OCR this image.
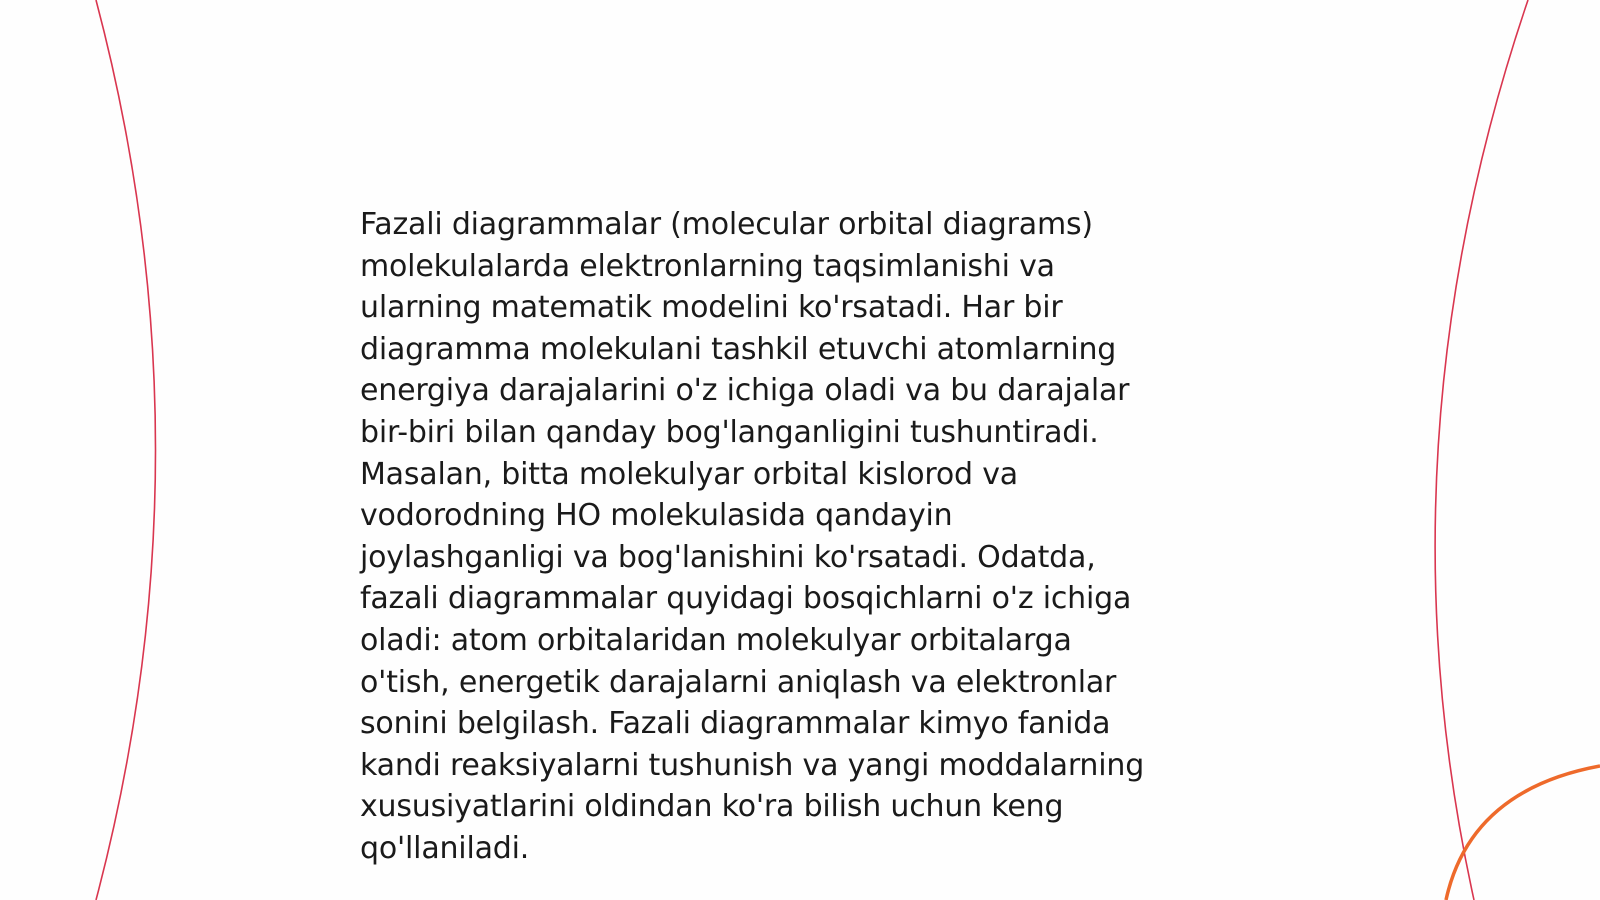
Fazali diagrammalar (molecular orbital diagrams)
molekulalarda elektronlarning taqsimlanishi va
ularning matematik modelini ko'rsatadi. Har bir
diagramma molekulani tashkil etuvchi atomlarning
energiya darajalarini o'z ichiga oladi va bu darajalar
bir-biri bilan qanday bog'langanligini tushuntiradi.
Masalan, bitta molekulyar orbital kislorod va
vodorodning HO molekulasida qandayin
joylashganligi va bog'lanishini ko'rsatadi. Odatda,
fazali diagrammalar quyidagi bosqichlarni o'z ichiga
oladi: atom orbitalaridan molekulyar orbitalarga
o'tish, energetik darajalarni aniqlash va elektronlar
sonini belgilash. Fazali diagrammalar kimyo fanida
kandi reaksiyalarni tushunish va yangi moddalarning
xususiyatlarini oldindan ko'ra bilish uchun keng
qo'llaniladi.
